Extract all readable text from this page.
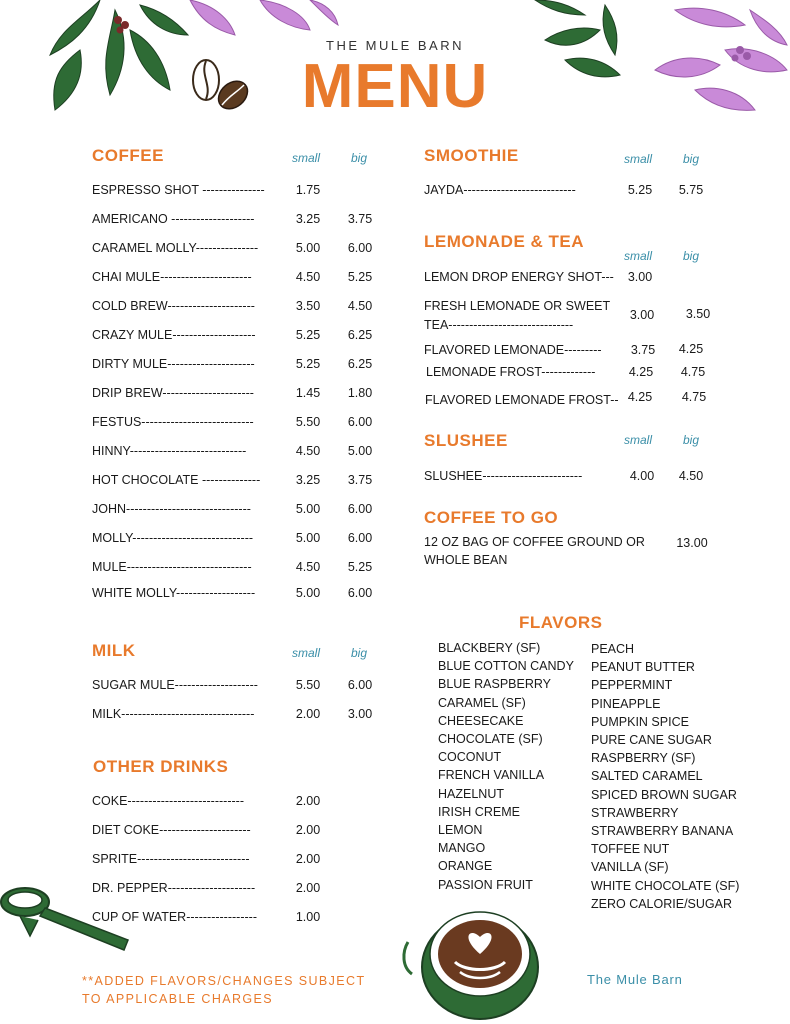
THE MULE BARN
MENU
COFFEE	small	big
ESPRESSO SHOT ---------------	1.75
AMERICANO --------------------	3.25	3.75
CARAMEL MOLLY---------------	5.00	6.00
CHAI MULE----------------------	4.50	5.25
COLD BREW---------------------	3.50	4.50
CRAZY MULE--------------------	5.25	6.25
DIRTY MULE---------------------	5.25	6.25
DRIP BREW----------------------	1.45	1.80
FESTUS---------------------------	5.50	6.00
HINNY----------------------------	4.50	5.00
HOT CHOCOLATE --------------	3.25	3.75
JOHN------------------------------	5.00	6.00
MOLLY-----------------------------	5.00	6.00
MULE------------------------------	4.50	5.25
WHITE MOLLY-------------------	5.00	6.00
MILK	small	big
SUGAR MULE--------------------	5.50	6.00
MILK--------------------------------	2.00	3.00
OTHER DRINKS
COKE----------------------------	2.00
DIET COKE----------------------	2.00
SPRITE---------------------------	2.00
DR. PEPPER---------------------	2.00
CUP OF WATER-----------------	1.00
SMOOTHIE	small	big
JAYDA---------------------------	5.25	5.75
LEMONADE & TEA
small	big
LEMON DROP ENERGY SHOT---	3.00
FRESH LEMONADE OR SWEET
TEA------------------------------
3.00	3.50
FLAVORED LEMONADE---------	3.75	4.25
LEMONADE FROST-------------	4.25	4.75
FLAVORED LEMONADE FROST-- 4.25	4.75
SLUSHEE	small	big
SLUSHEE------------------------	4.00	4.50
COFFEE TO GO
12 OZ BAG OF COFFEE GROUND OR
WHOLE BEAN
13.00
FLAVORS
BLACKBERY (SF)
BLUE COTTON CANDY
BLUE RASPBERRY
CARAMEL (SF)
CHEESECAKE
CHOCOLATE (SF)
COCONUT
FRENCH VANILLA
HAZELNUT
IRISH CREME
LEMON
MANGO
ORANGE
PASSION FRUIT
PEACH
PEANUT BUTTER
PEPPERMINT
PINEAPPLE
PUMPKIN SPICE
PURE CANE SUGAR
RASPBERRY (SF)
SALTED CARAMEL
SPICED BROWN SUGAR
STRAWBERRY
STRAWBERRY BANANA
TOFFEE NUT
VANILLA (SF)
WHITE CHOCOLATE (SF)
ZERO CALORIE/SUGAR
**ADDED FLAVORS/CHANGES SUBJECT
TO APPLICABLE CHARGES
The Mule Barn
